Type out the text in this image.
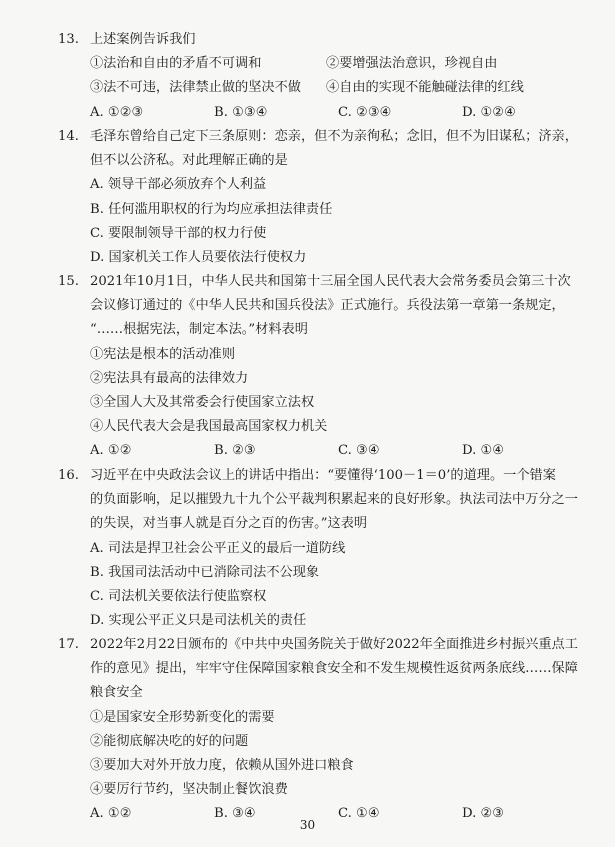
13. 上述案例告诉我们
①法治和自由的矛盾不可调和	②要增强法治意识，珍视自由
③法不可违，法律禁止做的坚决不做	④自由的实现不能触碰法律的红线
A. ①②③	B. ①③④	C. ②③④	D. ①②④
14. 毛泽东曾给自己定下三条原则：恋亲，但不为亲徇私；念旧，但不为旧谋私；济亲，
但不以公济私。对此理解正确的是
A. 领导干部必须放弃个人利益
B. 任何滥用职权的行为均应承担法律责任
C. 要限制领导干部的权力行使
D. 国家机关工作人员要依法行使权力
15. 2021年10月1日，中华人民共和国第十三届全国人民代表大会常务委员会第三十次
会议修订通过的《中华人民共和国兵役法》正式施行。兵役法第一章第一条规定，
“……根据宪法，制定本法。”材料表明
①宪法是根本的活动准则
②宪法具有最高的法律效力
③全国人大及其常委会行使国家立法权
④人民代表大会是我国最高国家权力机关
A. ①②	B. ②③	C. ③④	D. ①④
16. 习近平在中央政法会议上的讲话中指出：“要懂得‘100－1＝0’的道理。一个错案
的负面影响，足以摧毁九十九个公平裁判积累起来的良好形象。执法司法中万分之一
的失误，对当事人就是百分之百的伤害。”这表明
A. 司法是捍卫社会公平正义的最后一道防线
B. 我国司法活动中已消除司法不公现象
C. 司法机关要依法行使监察权
D. 实现公平正义只是司法机关的责任
17. 2022年2月22日颁布的《中共中央国务院关于做好2022年全面推进乡村振兴重点工
作的意见》提出，牢牢守住保障国家粮食安全和不发生规模性返贫两条底线……保障
粮食安全
①是国家安全形势新变化的需要
②能彻底解决吃的好的问题
③要加大对外开放力度，依赖从国外进口粮食
④要厉行节约，坚决制止餐饮浪费
A. ①②	B. ③④	C. ①④	D. ②③
30
